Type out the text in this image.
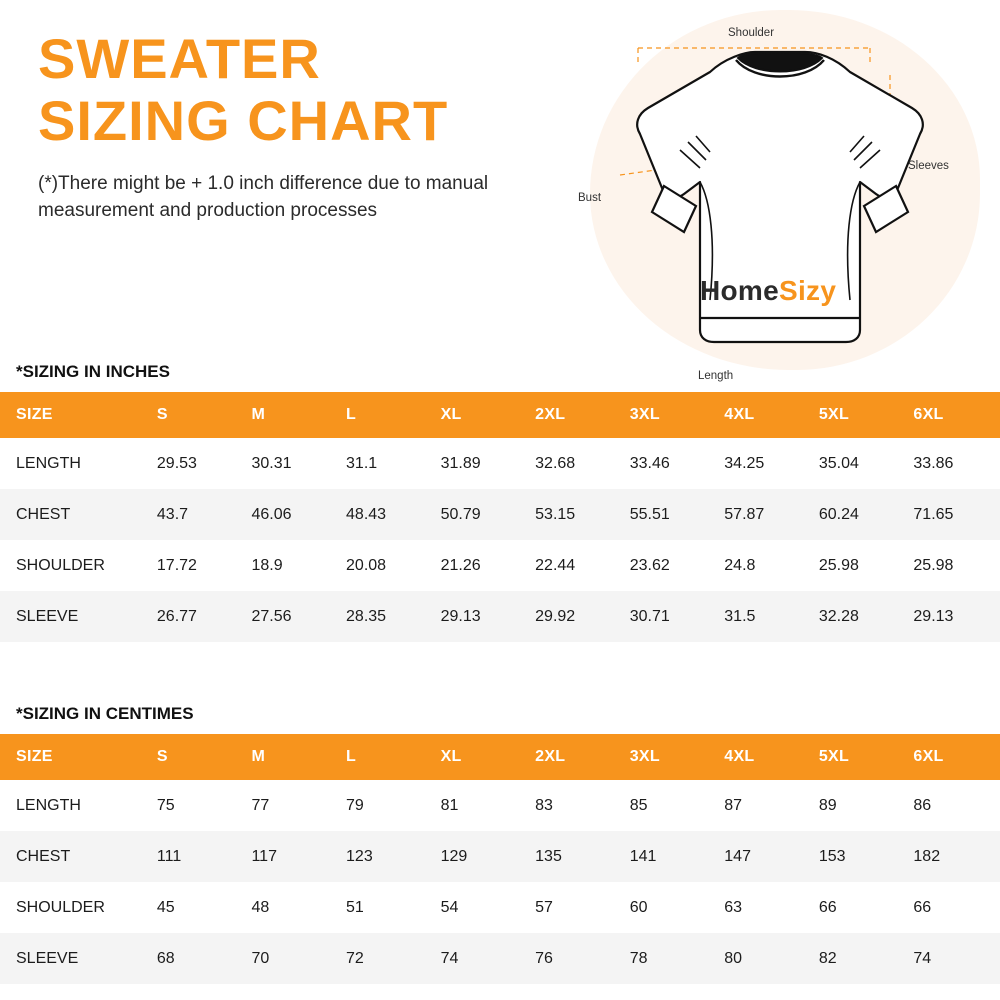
SWEATER
SIZING CHART
(*)There might be + 1.0 inch difference due to manual measurement and production processes
Shoulder
Bust
Sleeves
Length
HomeSizy
*SIZING IN INCHES
SIZE	S	M	L	XL	2XL	3XL	4XL	5XL	6XL
LENGTH	29.53	30.31	31.1	31.89	32.68	33.46	34.25	35.04	33.86
CHEST	43.7	46.06	48.43	50.79	53.15	55.51	57.87	60.24	71.65
SHOULDER	17.72	18.9	20.08	21.26	22.44	23.62	24.8	25.98	25.98
SLEEVE	26.77	27.56	28.35	29.13	29.92	30.71	31.5	32.28	29.13
*SIZING IN CENTIMES
SIZE	S	M	L	XL	2XL	3XL	4XL	5XL	6XL
LENGTH	75	77	79	81	83	85	87	89	86
CHEST	111	117	123	129	135	141	147	153	182
SHOULDER	45	48	51	54	57	60	63	66	66
SLEEVE	68	70	72	74	76	78	80	82	74
